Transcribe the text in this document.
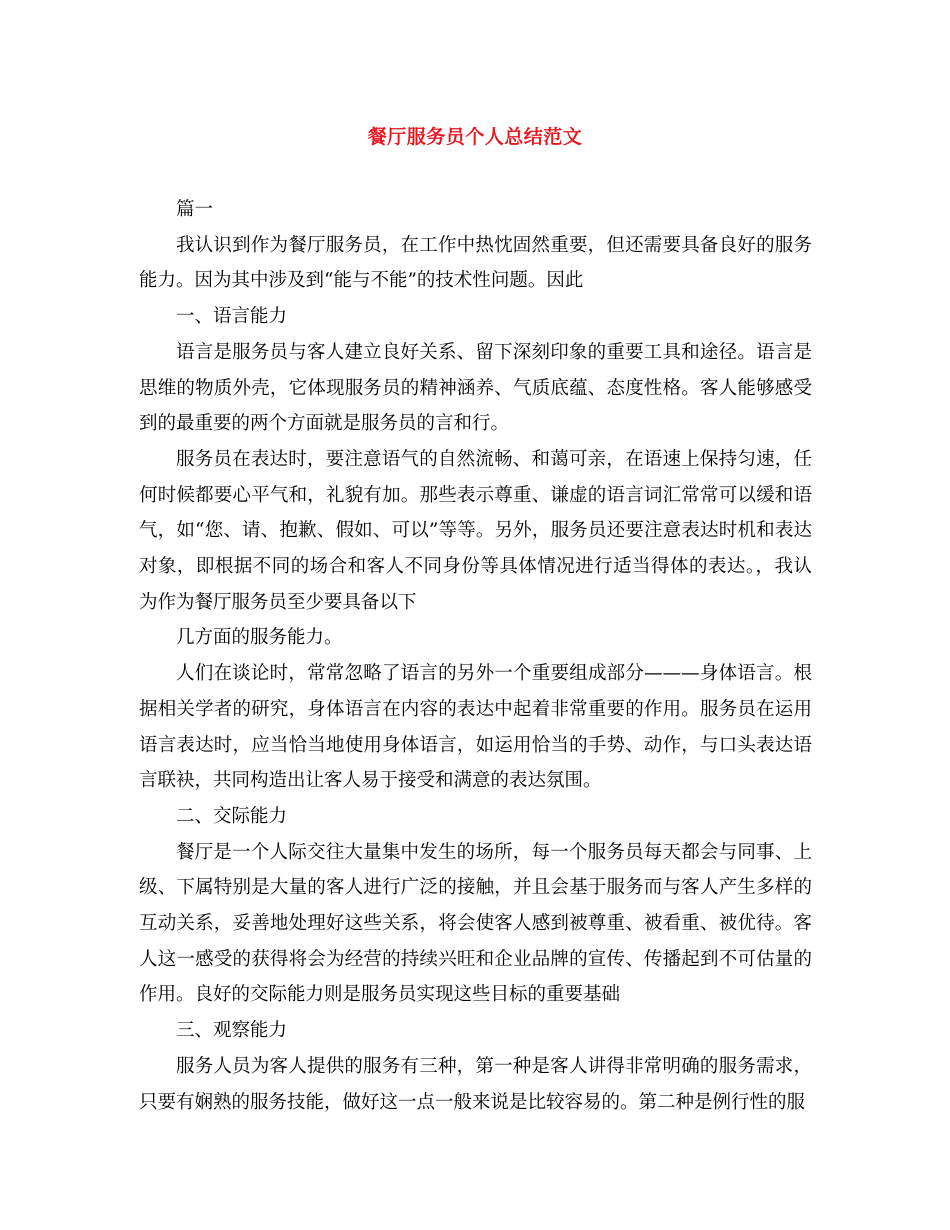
餐厅服务员个人总结范文

篇一

我认识到作为餐厅服务员，在工作中热忱固然重要，但还需要具备良好的服务能力。因为其中涉及到“能与不能”的技术性问题。因此

一、语言能力

语言是服务员与客人建立良好关系、留下深刻印象的重要工具和途径。语言是思维的物质外壳，它体现服务员的精神涵养、气质底蕴、态度性格。客人能够感受到的最重要的两个方面就是服务员的言和行。

服务员在表达时，要注意语气的自然流畅、和蔼可亲，在语速上保持匀速，任何时候都要心平气和，礼貌有加。那些表示尊重、谦虚的语言词汇常常可以缓和语气，如“您、请、抱歉、假如、可以”等等。另外，服务员还要注意表达时机和表达对象，即根据不同的场合和客人不同身份等具体情况进行适当得体的表达。，我认为作为餐厅服务员至少要具备以下

几方面的服务能力。

人们在谈论时，常常忽略了语言的另外一个重要组成部分———身体语言。根据相关学者的研究，身体语言在内容的表达中起着非常重要的作用。服务员在运用语言表达时，应当恰当地使用身体语言，如运用恰当的手势、动作，与口头表达语言联袂，共同构造出让客人易于接受和满意的表达氛围。

二、交际能力

餐厅是一个人际交往大量集中发生的场所，每一个服务员每天都会与同事、上级、下属特别是大量的客人进行广泛的接触，并且会基于服务而与客人产生多样的互动关系，妥善地处理好这些关系，将会使客人感到被尊重、被看重、被优待。客人这一感受的获得将会为经营的持续兴旺和企业品牌的宣传、传播起到不可估量的作用。良好的交际能力则是服务员实现这些目标的重要基础

三、观察能力

服务人员为客人提供的服务有三种，第一种是客人讲得非常明确的服务需求，只要有娴熟的服务技能，做好这一点一般来说是比较容易的。第二种是例行性的服
